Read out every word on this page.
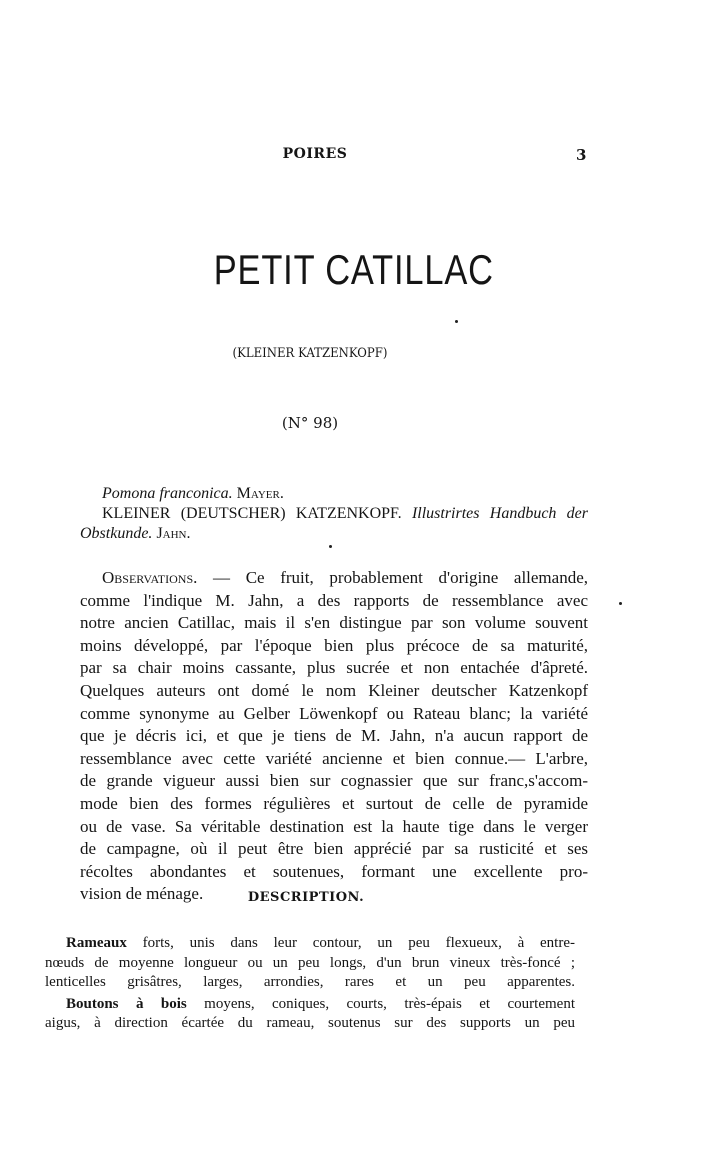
POIRES	3
PETIT CATILLAC
(KLEINER KATZENKOPF)
(N° 98)
Pomona franconica. Mayer.
KLEINER (DEUTSCHER) KATZENKOPF. Illustrirtes Handbuch der
Obstkunde. Jahn.
Observations. — Ce fruit, probablement d'origine allemande,
comme l'indique M. Jahn, a des rapports de ressemblance avec
notre ancien Catillac, mais il s'en distingue par son volume souvent
moins développé, par l'époque bien plus précoce de sa maturité,
par sa chair moins cassante, plus sucrée et non entachée d'âpreté.
Quelques auteurs ont domé le nom Kleiner deutscher Katzenkopf
comme synonyme au Gelber Löwenkopf ou Rateau blanc; la variété
que je décris ici, et que je tiens de M. Jahn, n'a aucun rapport de
ressemblance avec cette variété ancienne et bien connue.— L'arbre,
de grande vigueur aussi bien sur cognassier que sur franc,s'accom-
mode bien des formes régulières et surtout de celle de pyramide
ou de vase. Sa véritable destination est la haute tige dans le verger
de campagne, où il peut être bien apprécié par sa rusticité et ses
récoltes abondantes et soutenues, formant une excellente pro-
vision de ménage.	DESCRIPTION.
Rameaux forts, unis dans leur contour, un peu flexueux, à entre-
nœuds de moyenne longueur ou un peu longs, d'un brun vineux très-foncé ;
lenticelles grisâtres, larges, arrondies, rares et un peu apparentes.
Boutons à bois moyens, coniques, courts, très-épais et courtement
aigus, à direction écartée du rameau, soutenus sur des supports un peu
